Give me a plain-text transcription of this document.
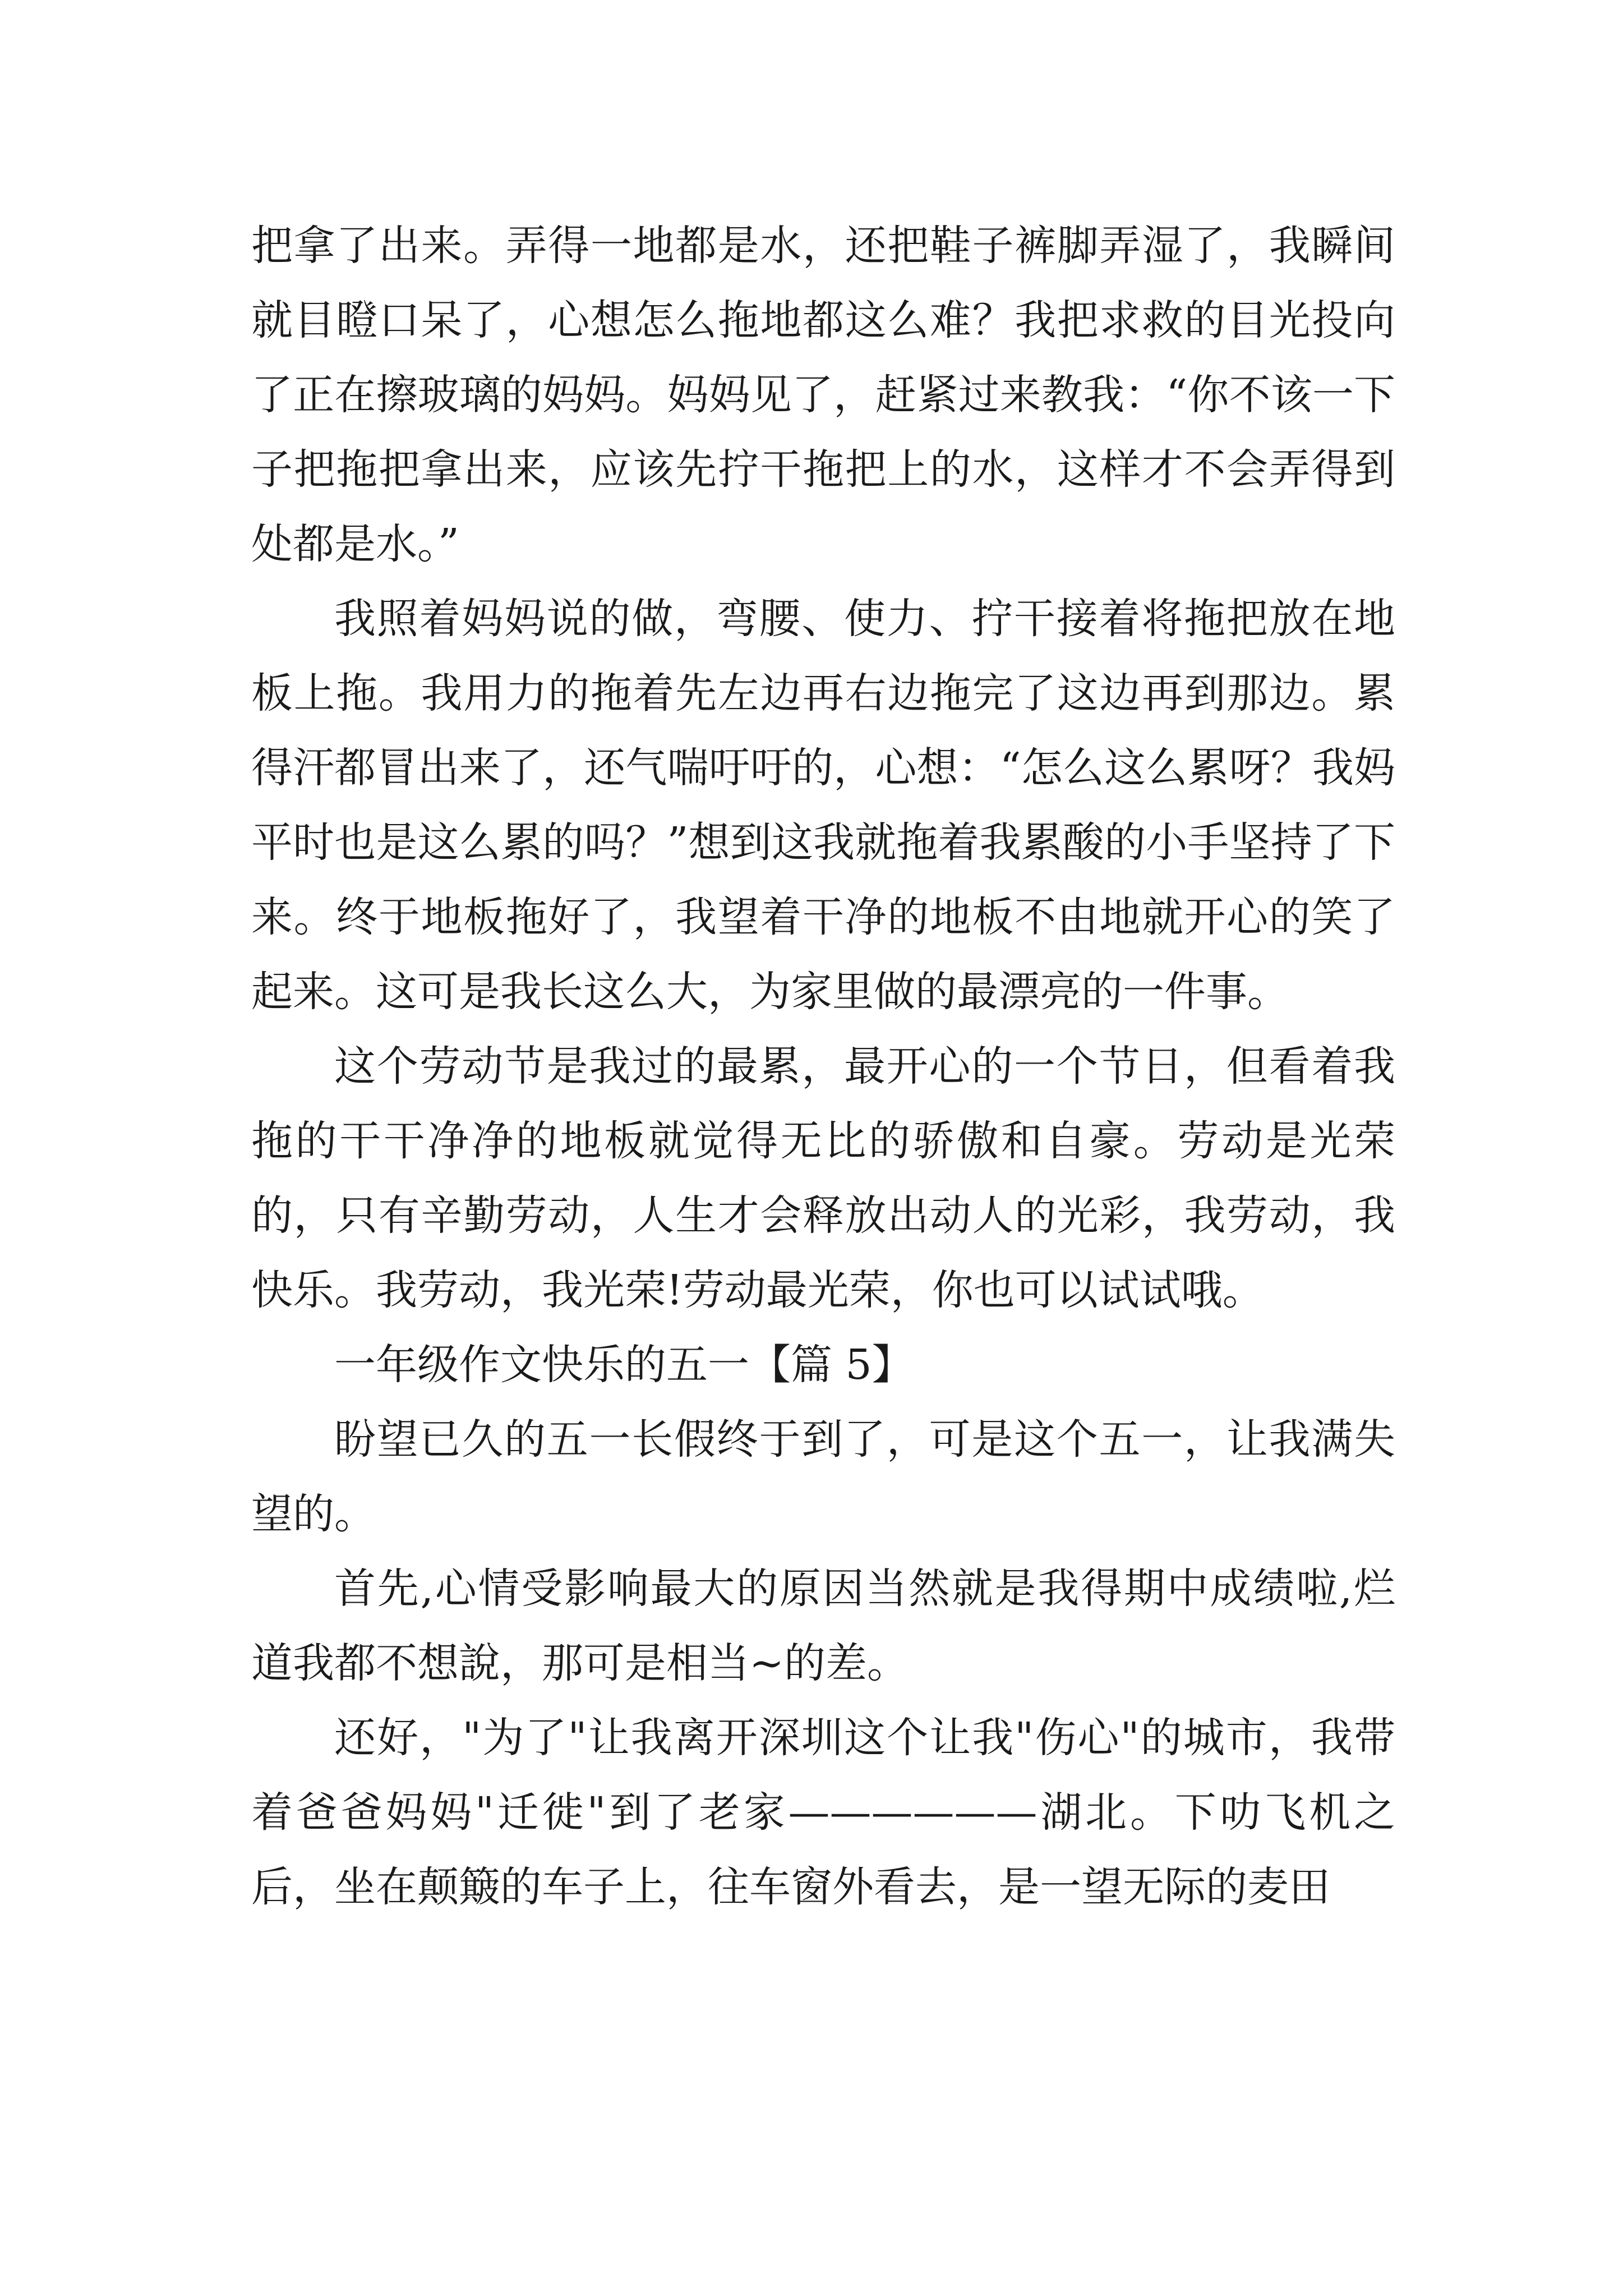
把拿了出来。弄得一地都是水，还把鞋子裤脚弄湿了，我瞬间就目瞪口呆了，心想怎么拖地都这么难？我把求救的目光投向了正在擦玻璃的妈妈。妈妈见了，赶紧过来教我：“你不该一下子把拖把拿出来，应该先拧干拖把上的水，这样才不会弄得到处都是水。”

我照着妈妈说的做，弯腰、使力、拧干接着将拖把放在地板上拖。我用力的拖着先左边再右边拖完了这边再到那边。累得汗都冒出来了，还气喘吁吁的，心想：“怎么这么累呀？我妈平时也是这么累的吗？”想到这我就拖着我累酸的小手坚持了下来。终于地板拖好了，我望着干净的地板不由地就开心的笑了起来。这可是我长这么大，为家里做的最漂亮的一件事。

这个劳动节是我过的最累，最开心的一个节日，但看着我拖的干干净净的地板就觉得无比的骄傲和自豪。劳动是光荣的，只有辛勤劳动，人生才会释放出动人的光彩，我劳动，我快乐。我劳动，我光荣!劳动最光荣，你也可以试试哦。

一年级作文快乐的五一【篇 5】

盼望已久的五一长假终于到了，可是这个五一，让我满失望的。

首先,心情受影响最大的原因当然就是我得期中成绩啦,烂道我都不想說，那可是相当~的差。

还好，"为了"让我离开深圳这个让我"伤心"的城市，我带着爸爸妈妈"迁徙"到了老家——————湖北。下叻飞机之后，坐在颠簸的车子上，往车窗外看去，是一望无际的麦田
